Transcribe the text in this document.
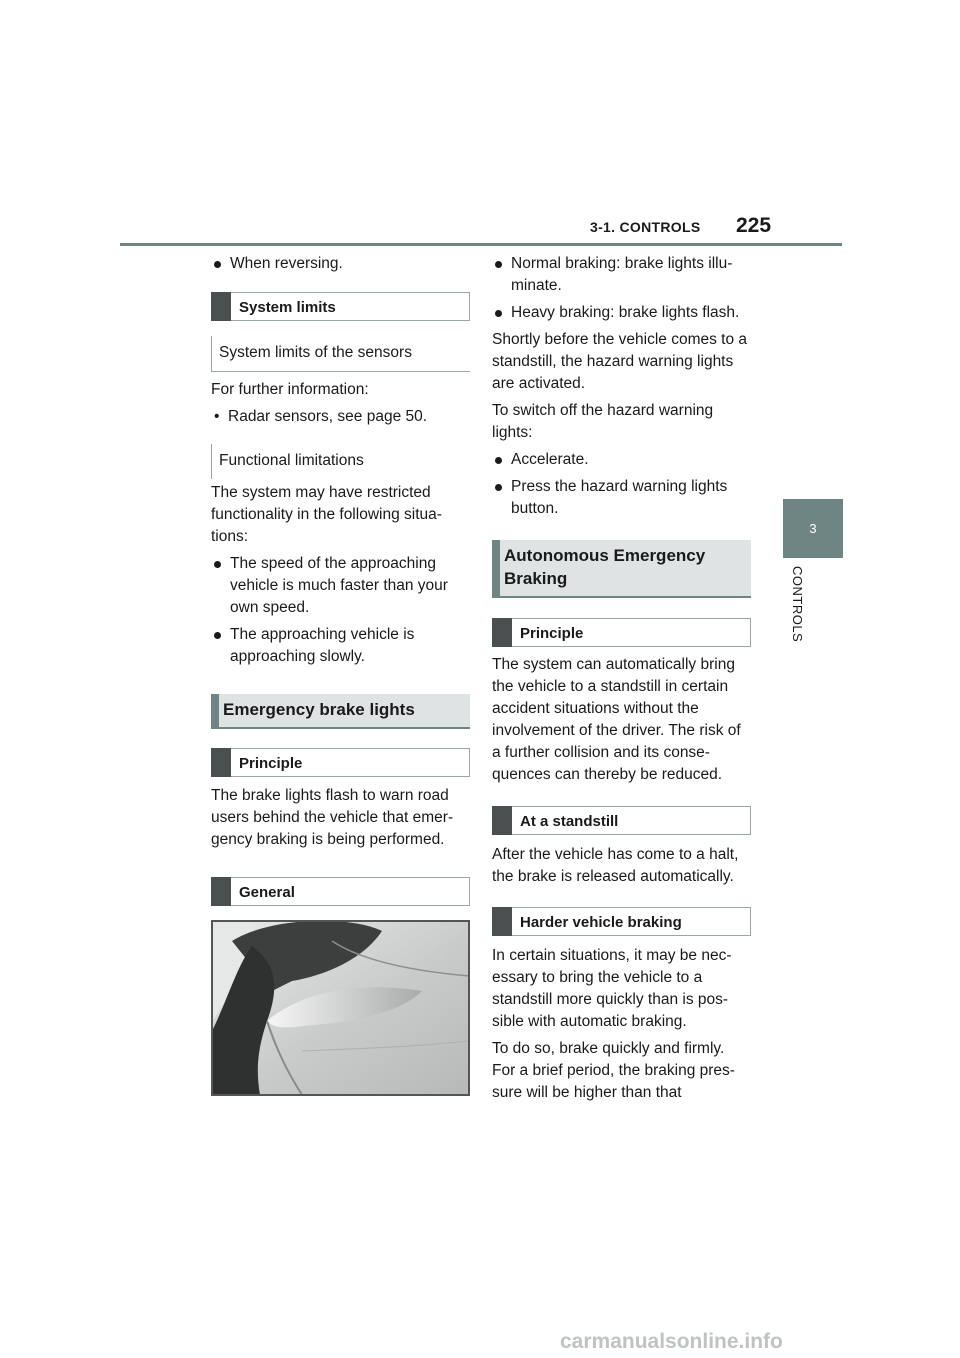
3-1. CONTROLS 225
3
CONTROLS
When reversing.
System limits
System limits of the sensors

For further information:

• Radar sensors, see page 50.
Functional limitations

The system may have restricted functionality in the following situa-tions:

The speed of the approaching vehicle is much faster than your own speed.
The approaching vehicle is approaching slowly.
Emergency brake lights
Principle

The brake lights flash to warn road users behind the vehicle that emer-gency braking is being performed.

General
Normal braking: brake lights illu-minate.
Heavy braking: brake lights flash.

Shortly before the vehicle comes to a standstill, the hazard warning lights are activated.

To switch off the hazard warning lights:

Accelerate.
Press the hazard warning lights button.
Autonomous Emergency Braking
Principle

The system can automatically bring the vehicle to a standstill in certain accident situations without the involvement of the driver. The risk of a further collision and its conse-quences can thereby be reduced.

At a standstill

After the vehicle has come to a halt, the brake is released automatically.

Harder vehicle braking

In certain situations, it may be nec-essary to bring the vehicle to a standstill more quickly than is pos-sible with automatic braking.

To do so, brake quickly and firmly. For a brief period, the braking pres-sure will be higher than that

carmanualsonline.info
